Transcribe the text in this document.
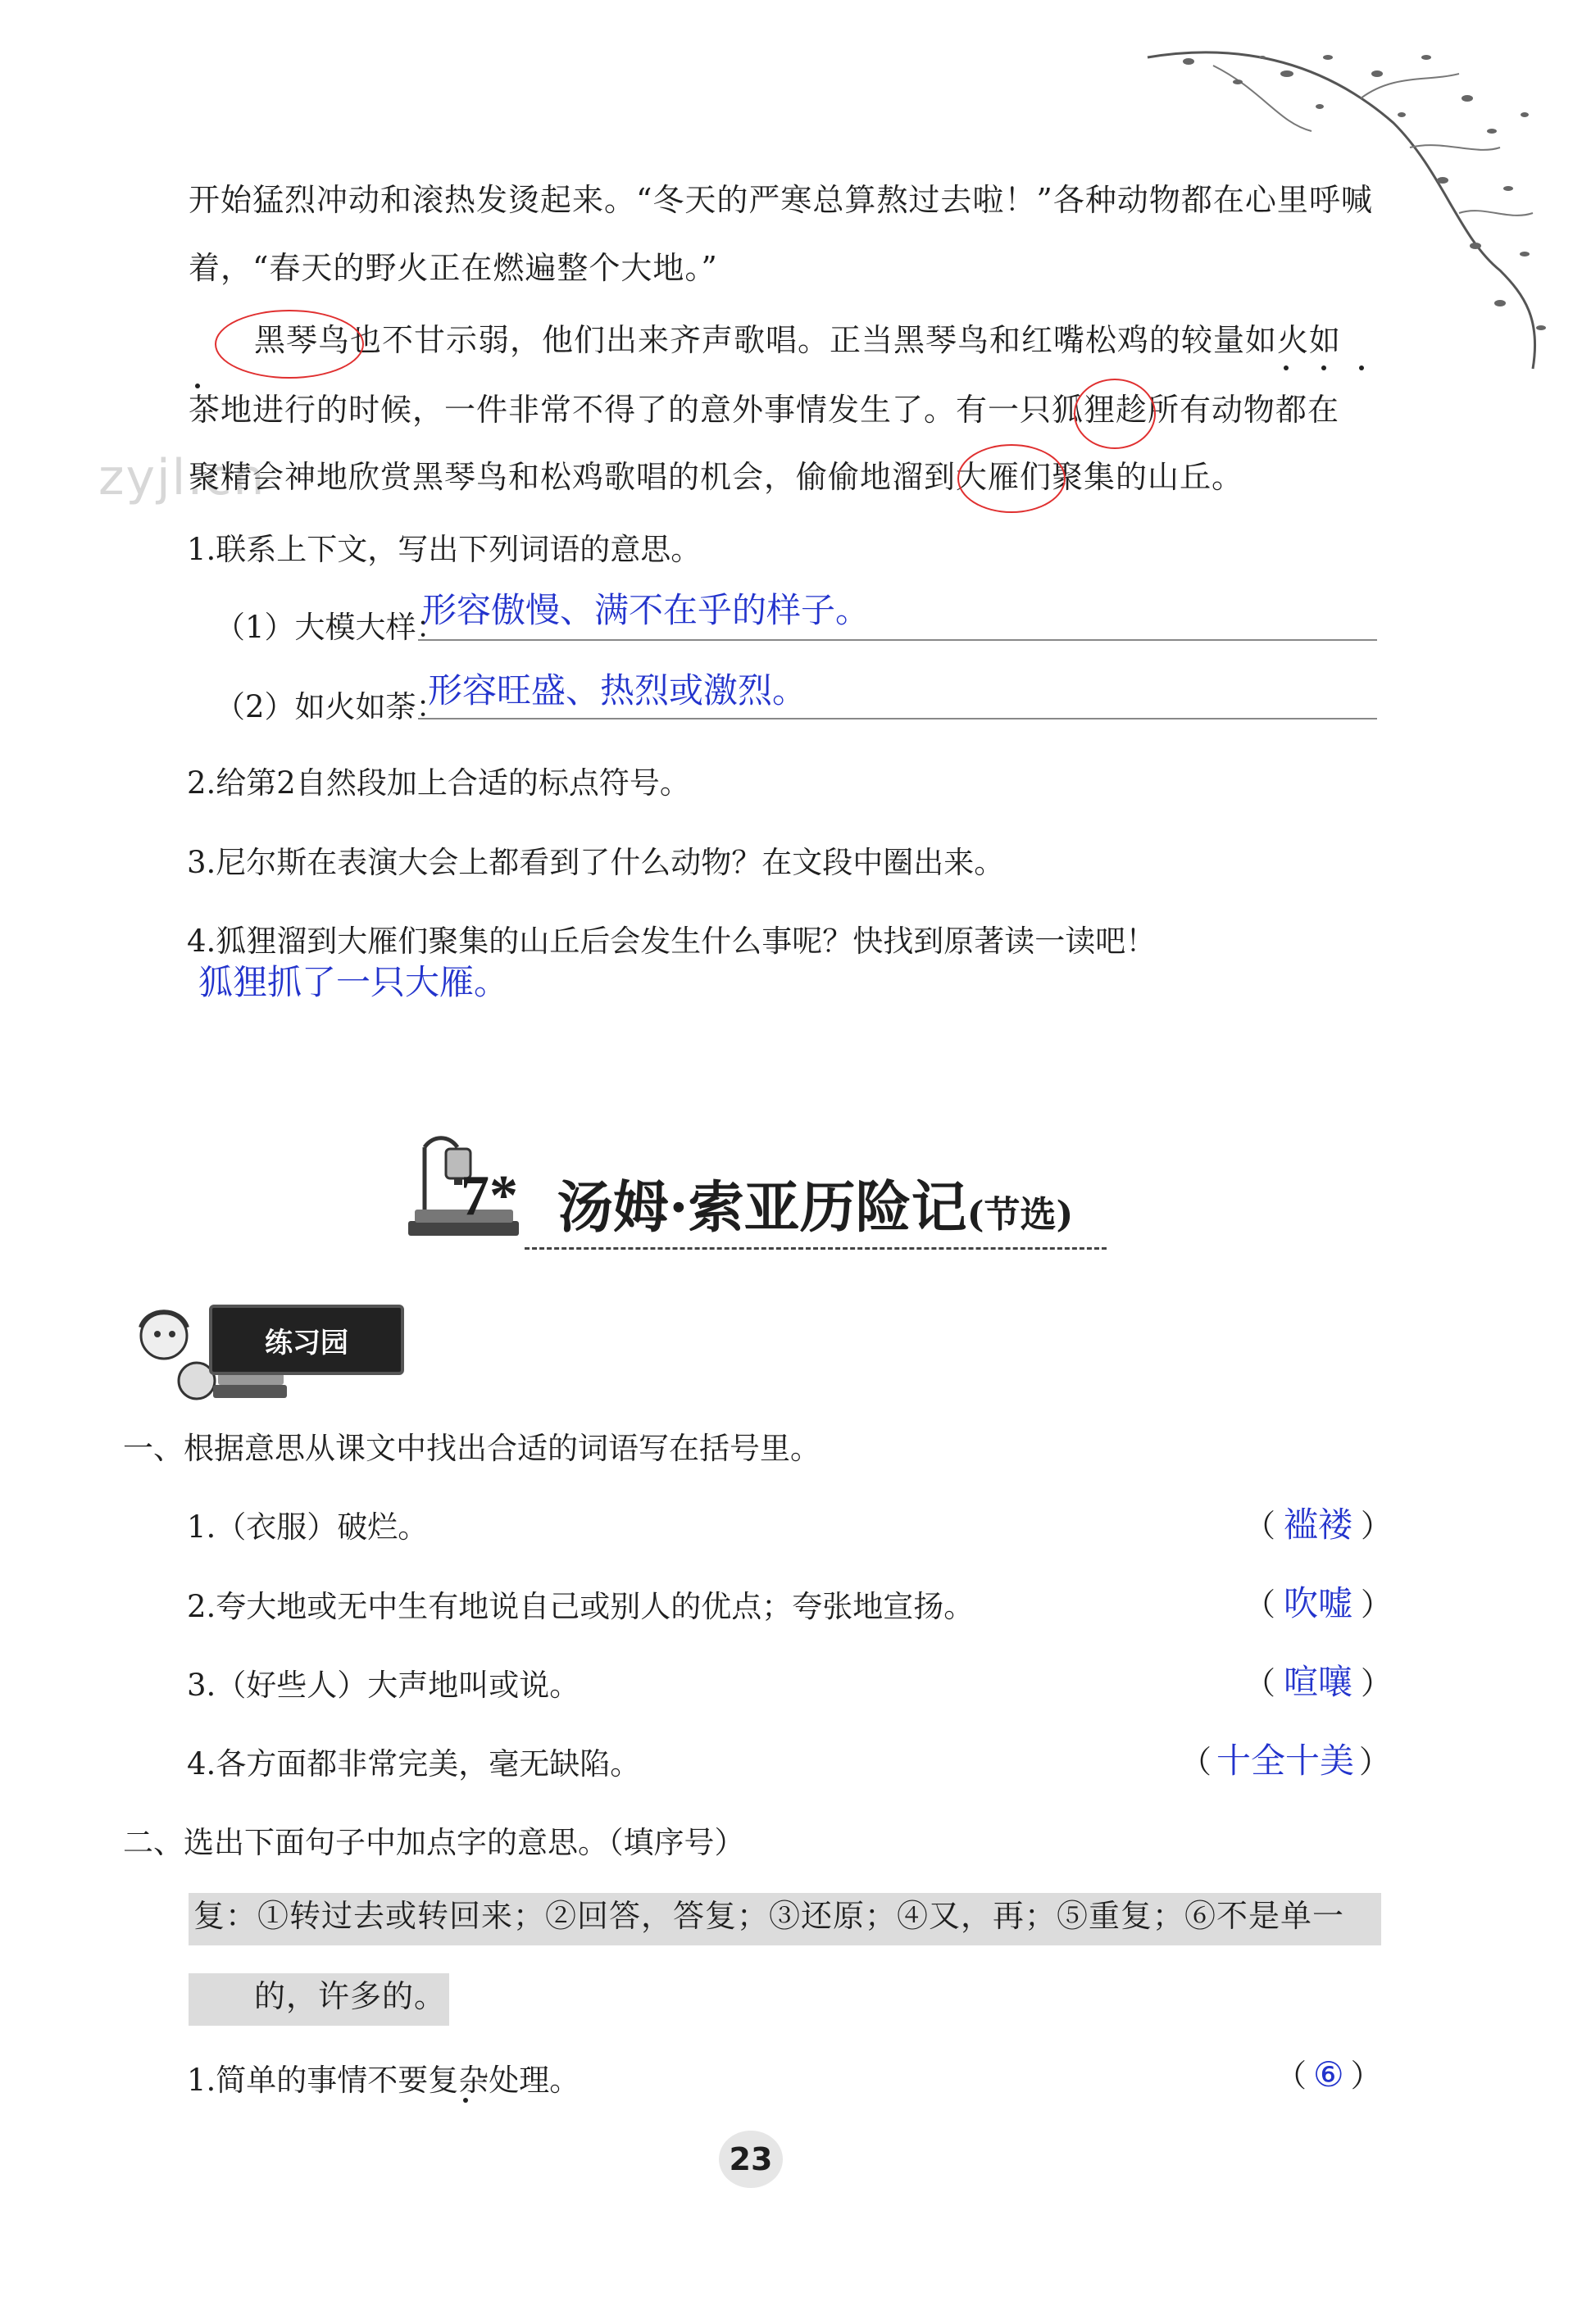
zyjl.cn
开始猛烈冲动和滚热发烫起来。“冬天的严寒总算熬过去啦！”各种动物都在心里呼喊
着，“春天的野火正在燃遍整个大地。”
黑琴鸟也不甘示弱，他们出来齐声歌唱。正当黑琴鸟和红嘴松鸡的较量如火如
茶地进行的时候，一件非常不得了的意外事情发生了。有一只狐狸趁所有动物都在
聚精会神地欣赏黑琴鸟和松鸡歌唱的机会，偷偷地溜到大雁们聚集的山丘。
1.联系上下文，写出下列词语的意思。
（1）大模大样：
形容傲慢、满不在乎的样子。
（2）如火如荼：
形容旺盛、热烈或激烈。
2.给第2自然段加上合适的标点符号。
3.尼尔斯在表演大会上都看到了什么动物？在文段中圈出来。
4.狐狸溜到大雁们聚集的山丘后会发生什么事呢？快找到原著读一读吧！
狐狸抓了一只大雁。
7* 汤姆·索亚历险记(节选)
练习园
一、根据意思从课文中找出合适的词语写在括号里。
1.（衣服）破烂。	（ 褴褛 ）
2.夸大地或无中生有地说自己或别人的优点；夸张地宣扬。	（ 吹嘘 ）
3.（好些人）大声地叫或说。	（ 喧嚷 ）
4.各方面都非常完美，毫无缺陷。	（ 十全十美 ）
二、选出下面句子中加点字的意思。（填序号）
复：①转过去或转回来；②回答，答复；③还原；④又，再；⑤重复；⑥不是单一
的，许多的。
1.简单的事情不要复杂处理。	（ ⑥ ）
23
